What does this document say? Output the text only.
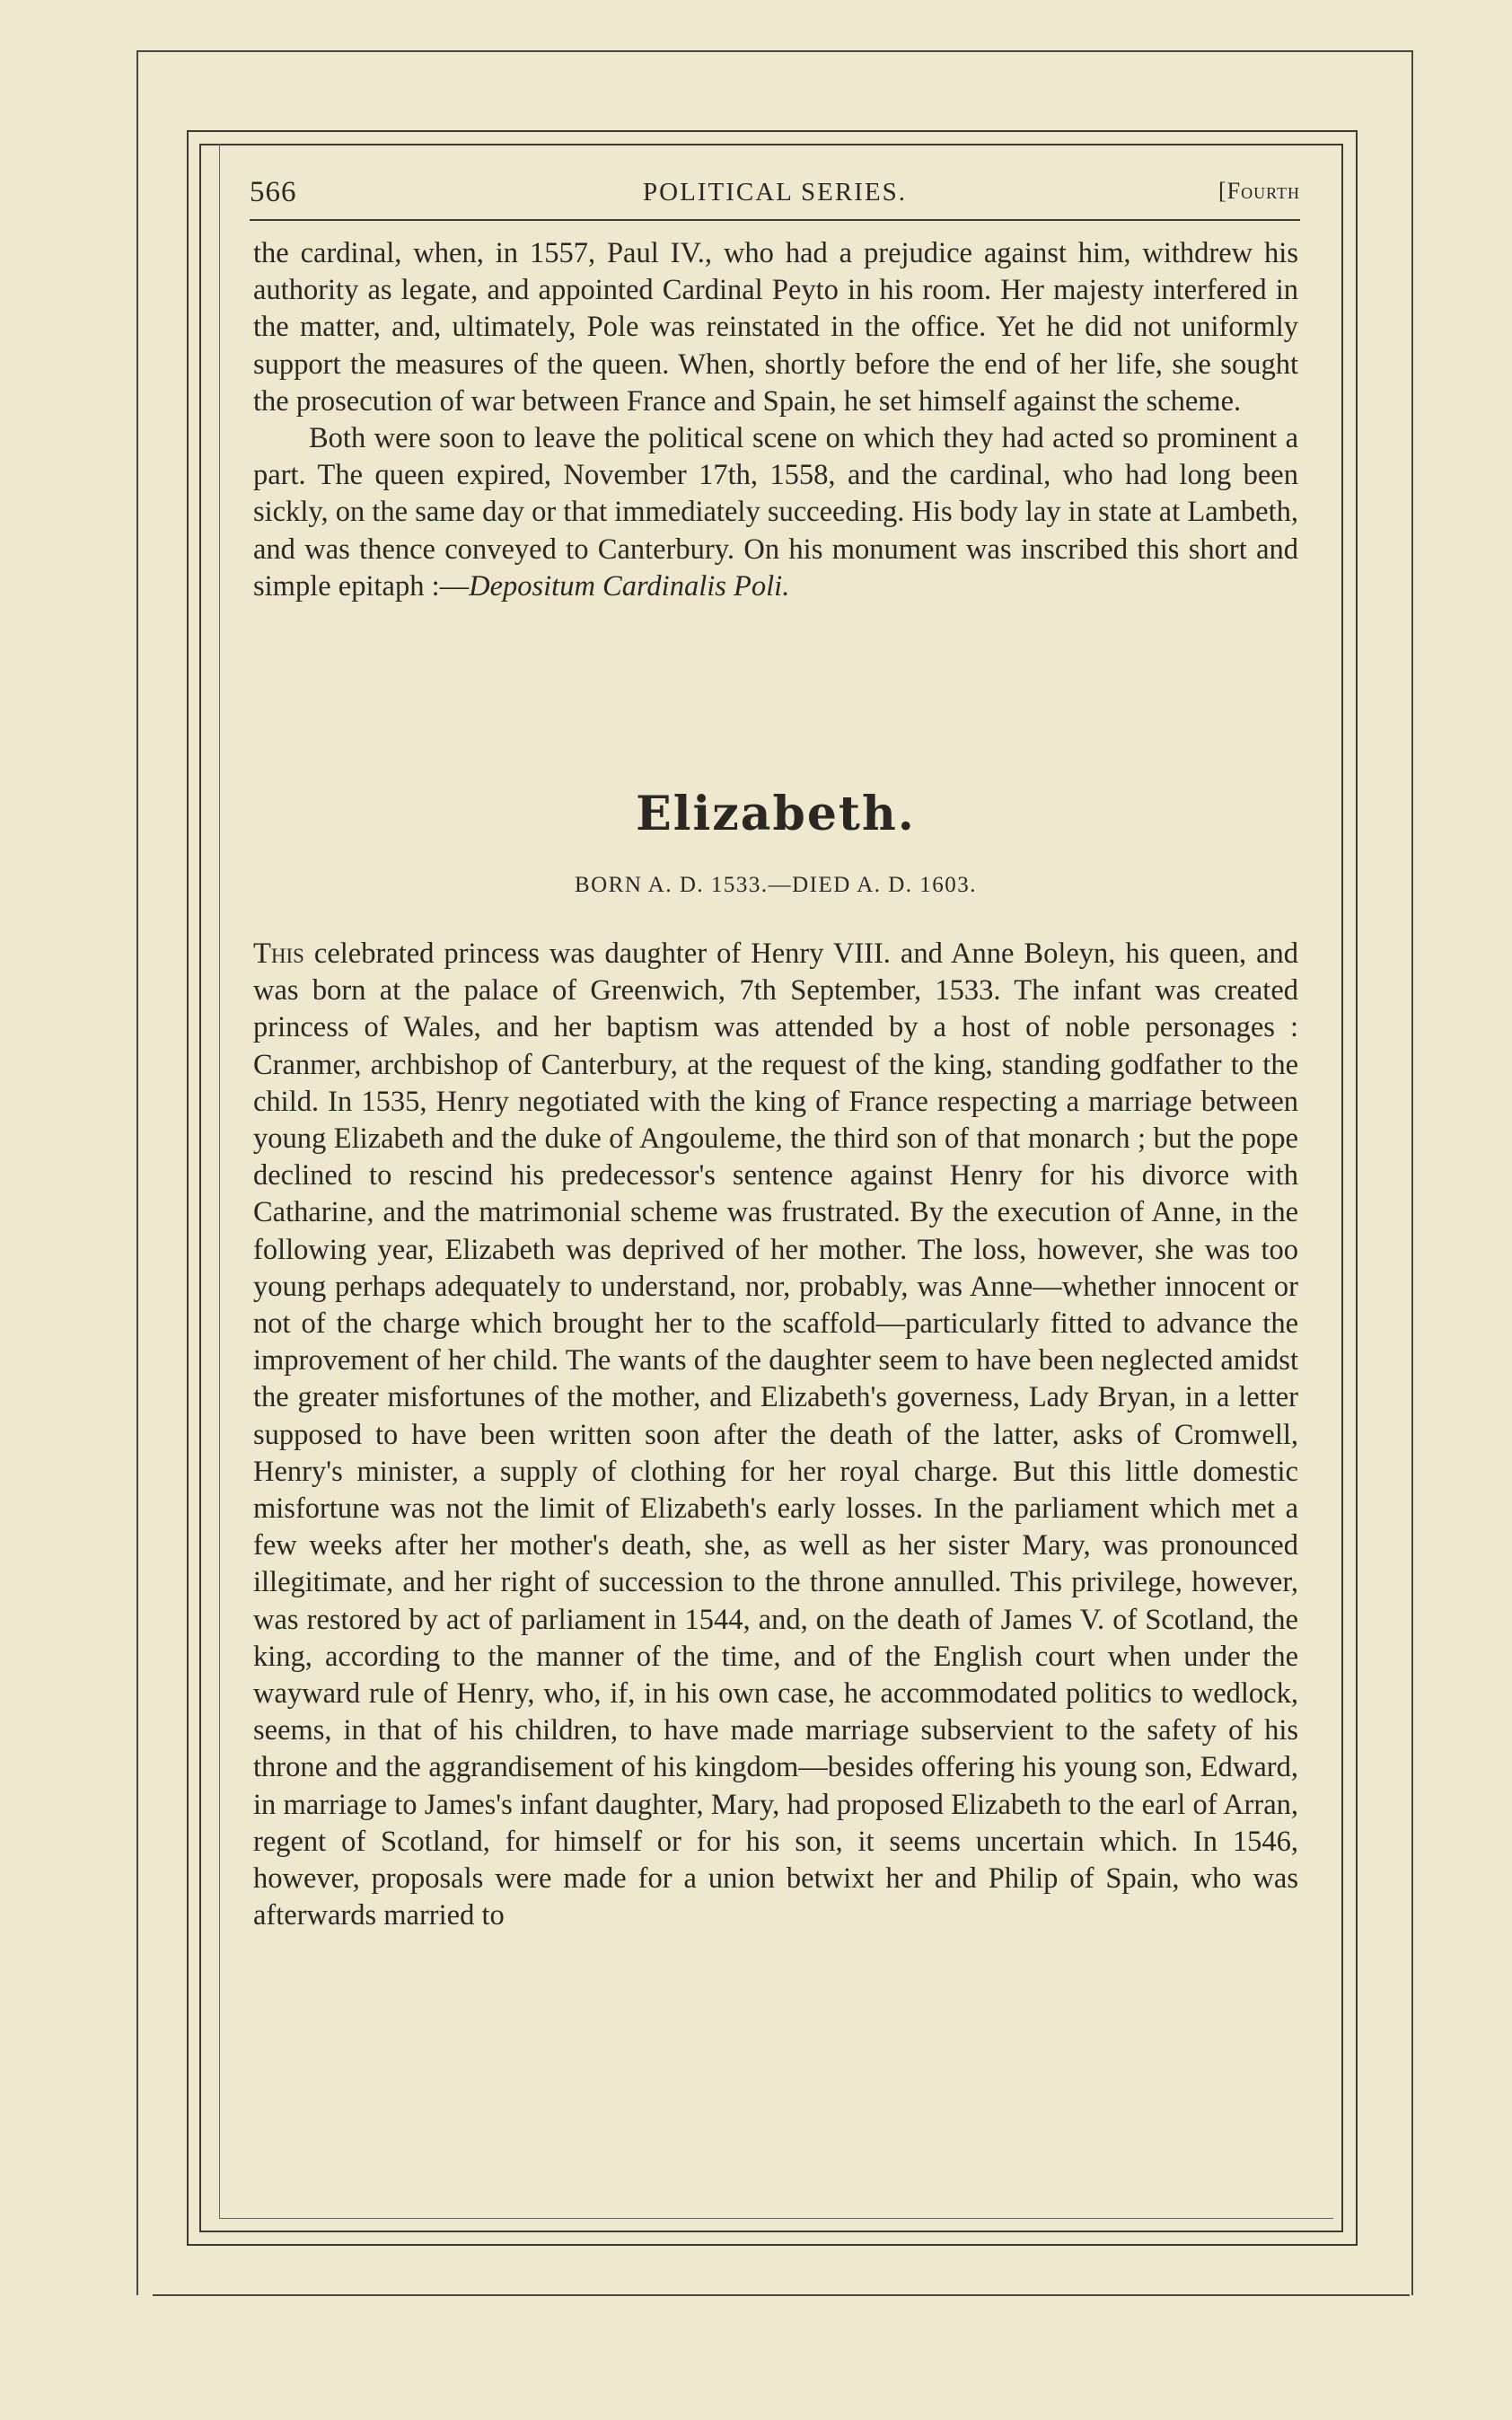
566	POLITICAL SERIES.	[Fourth

the cardinal, when, in 1557, Paul IV., who had a prejudice against him, withdrew his authority as legate, and appointed Cardinal Peyto in his room. Her majesty interfered in the matter, and, ultimately, Pole was reinstated in the office. Yet he did not uniformly support the measures of the queen. When, shortly before the end of her life, she sought the prosecution of war between France and Spain, he set himself against the scheme.

Both were soon to leave the political scene on which they had acted so prominent a part. The queen expired, November 17th, 1558, and the cardinal, who had long been sickly, on the same day or that immediately succeeding. His body lay in state at Lambeth, and was thence conveyed to Canterbury. On his monument was inscribed this short and simple epitaph :—Depositum Cardinalis Poli.

Elizabeth.
BORN A. D. 1533.—DIED A. D. 1603.

This celebrated princess was daughter of Henry VIII. and Anne Boleyn, his queen, and was born at the palace of Greenwich, 7th September, 1533. The infant was created princess of Wales, and her baptism was attended by a host of noble personages : Cranmer, archbishop of Canterbury, at the request of the king, standing godfather to the child. In 1535, Henry negotiated with the king of France respecting a marriage between young Elizabeth and the duke of Angouleme, the third son of that monarch ; but the pope declined to rescind his predecessor's sentence against Henry for his divorce with Catharine, and the matrimonial scheme was frustrated. By the execution of Anne, in the following year, Elizabeth was deprived of her mother. The loss, however, she was too young perhaps adequately to understand, nor, probably, was Anne—whether innocent or not of the charge which brought her to the scaffold—particularly fitted to advance the improvement of her child. The wants of the daughter seem to have been neglected amidst the greater misfortunes of the mother, and Elizabeth's governess, Lady Bryan, in a letter supposed to have been written soon after the death of the latter, asks of Cromwell, Henry's minister, a supply of clothing for her royal charge. But this little domestic misfortune was not the limit of Elizabeth's early losses. In the parliament which met a few weeks after her mother's death, she, as well as her sister Mary, was pronounced illegitimate, and her right of succession to the throne annulled. This privilege, however, was restored by act of parliament in 1544, and, on the death of James V. of Scotland, the king, according to the manner of the time, and of the English court when under the wayward rule of Henry, who, if, in his own case, he accommodated politics to wedlock, seems, in that of his children, to have made marriage subservient to the safety of his throne and the aggrandisement of his kingdom—besides offering his young son, Edward, in marriage to James's infant daughter, Mary, had proposed Elizabeth to the earl of Arran, regent of Scotland, for himself or for his son, it seems uncertain which. In 1546, however, proposals were made for a union betwixt her and Philip of Spain, who was afterwards married to
